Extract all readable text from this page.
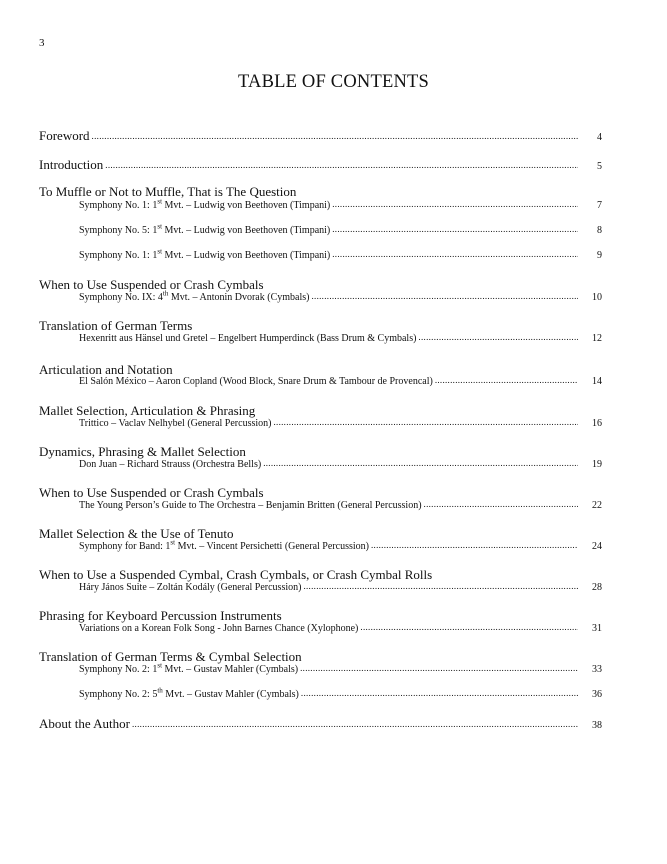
3
TABLE OF CONTENTS
Foreword .....	4
Introduction .....	5
To Muffle or Not to Muffle, That is The Question
Symphony No. 1: 1st Mvt. – Ludwig von Beethoven (Timpani) .....	7
Symphony No. 5: 1st Mvt. – Ludwig von Beethoven (Timpani) .....	8
Symphony No. 1: 1st Mvt. – Ludwig von Beethoven (Timpani) .....	9
When to Use Suspended or Crash Cymbals
Symphony No. IX: 4th Mvt. – Antonin Dvorak (Cymbals) .....	10
Translation of German Terms
Hexenritt aus Hänsel und Gretel – Engelbert Humperdinck (Bass Drum & Cymbals) .....	12
Articulation and Notation
El Salón México – Aaron Copland (Wood Block, Snare Drum & Tambour de Provencal) .....	14
Mallet Selection, Articulation & Phrasing
Trittico – Vaclav Nelhybel (General Percussion) .....	16
Dynamics, Phrasing & Mallet Selection
Don Juan – Richard Strauss (Orchestra Bells) .....	19
When to Use Suspended or Crash Cymbals
The Young Person’s Guide to The Orchestra – Benjamin Britten (General Percussion) .....	22
Mallet Selection & the Use of Tenuto
Symphony for Band: 1st Mvt. – Vincent Persichetti (General Percussion) .....	24
When to Use a Suspended Cymbal, Crash Cymbals, or Crash Cymbal Rolls
Háry János Suite – Zoltán Kodály (General Percussion) .....	28
Phrasing for Keyboard Percussion Instruments
Variations on a Korean Folk Song - John Barnes Chance (Xylophone) .....	31
Translation of German Terms & Cymbal Selection
Symphony No. 2: 1st Mvt. – Gustav Mahler (Cymbals) .....	33
Symphony No. 2: 5th Mvt. – Gustav Mahler (Cymbals) .....	36
About the Author .....	38
